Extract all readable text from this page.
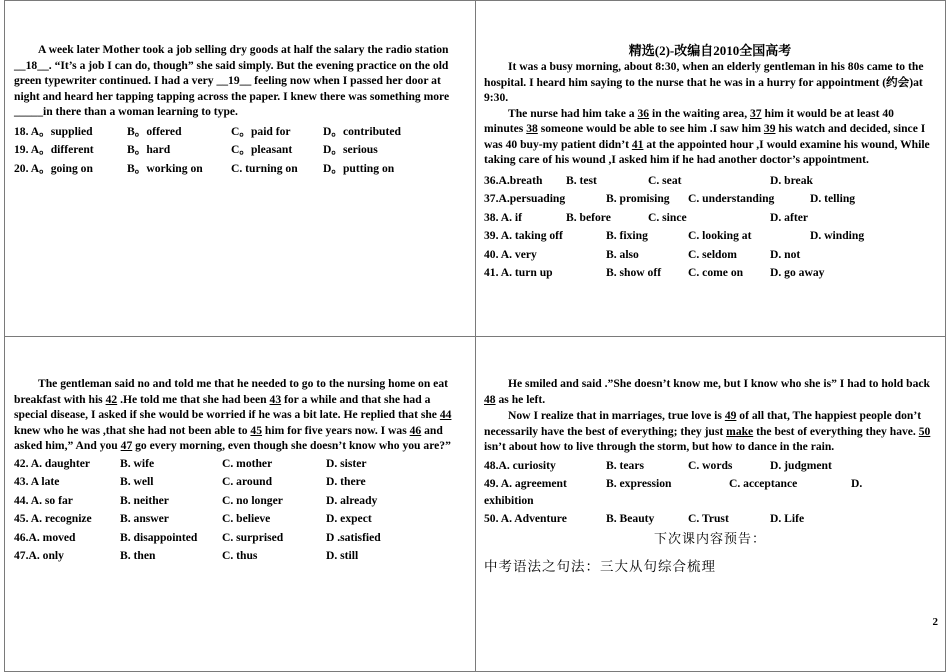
A week later Mother took a job selling dry goods at half the salary the radio station __18__. “It’s a job I can do, though” she said simply. But the evening practice on the old green typewriter continued. I had a very __19__ feeling now when I passed her door at night and heard her tapping tapping across the paper. I knew there was something more _____in there than a woman learning to type.

18. A。supplied	B。offered	C。paid for	D。contributed
19. A。different	B。hard	C。pleasant	D。serious
20. A。going on	B。working on	C. turning on	D。putting on

精选(2)-改编自2010全国高考

It was a busy morning, about 8:30, when an elderly gentleman in his 80s came to the hospital. I heard him saying to the nurse that he was in a hurry for appointment (约会)at 9:30.

The nurse had him take a 36 in the waiting area, 37 him it would be at least 40 minutes 38 someone would be able to see him .I saw him 39 his watch and decided, since I was 40 buy-my patient didn’t 41 at the appointed hour ,I would examine his wound, While taking care of his wound ,I asked him if he had another doctor’s appointment.

36.A.breath	B. test	C. seat	D. break
37.A.persuading	B. promising	C. understanding	D. telling
38. A. if	B. before	C. since	D. after
39. A. taking off	B. fixing	C. looking at	D. winding
40. A. very	B. also	C. seldom	D. not
41. A. turn up	B. show off	C. come on	D. go away

The gentleman said no and told me that he needed to go to the nursing home on eat breakfast with his 42 .He told me that she had been 43 for a while and that she had a special disease, I asked if she would be worried if he was a bit late. He replied that she 44 knew who he was ,that she had not been able to 45 him for five years now. I was 46 and asked him,” And you 47 go every morning, even though she doesn’t know who you are?”

42. A. daughter	B. wife	C. mother	D. sister
43. A late	B. well	C. around	D. there
44. A. so far	B. neither	C. no longer	D. already
45. A. recognize	B. answer	C. believe	D. expect
46.A. moved	B. disappointed	C. surprised	D .satisfied
47.A. only	B. then	C. thus	D. still

He smiled and said .”She doesn’t know me, but I know who she is” I had to hold back 48 as he left.

Now I realize that in marriages, true love is 49 of all that, The happiest people don’t necessarily have the best of everything; they just make the best of everything they have. 50 isn’t about how to live through the storm, but how to dance in the rain.

48.A. curiosity	B. tears	C. words	D. judgment
49. A. agreement	B. expression	C. acceptance	D.
exhibition
50. A. Adventure	B. Beauty	C. Trust	D. Life
下次课内容预告：
中考语法之句法：三大从句综合梳理
2
